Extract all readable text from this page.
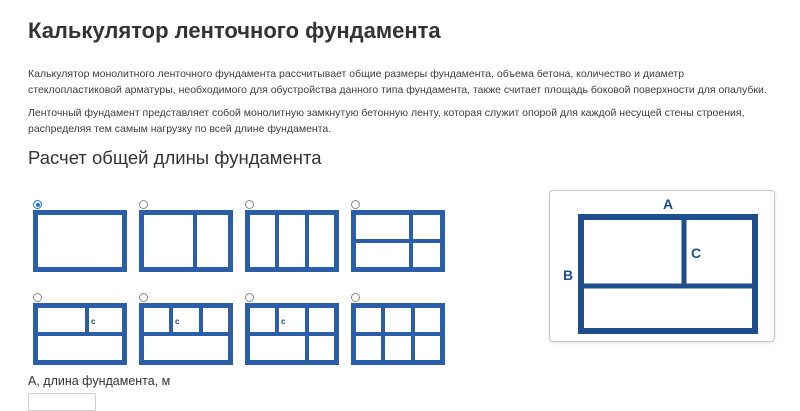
Калькулятор ленточного фундамента

Калькулятор монолитного ленточного фундамента рассчитывает общие размеры фундамента, объема бетона, количество и диаметр стеклопластиковой арматуры, необходимого для обустройства данного типа фундамента, также считает площадь боковой поверхности для опалубки.

Ленточный фундамент представляет собой монолитную замкнутую бетонную ленту, которая служит опорой для каждой несущей стены строения, распределяя тем самым нагрузку по всей длине фундамента.

Расчет общей длины фундамента
c	c	c
A
B
C

А, длина фундамента, м
